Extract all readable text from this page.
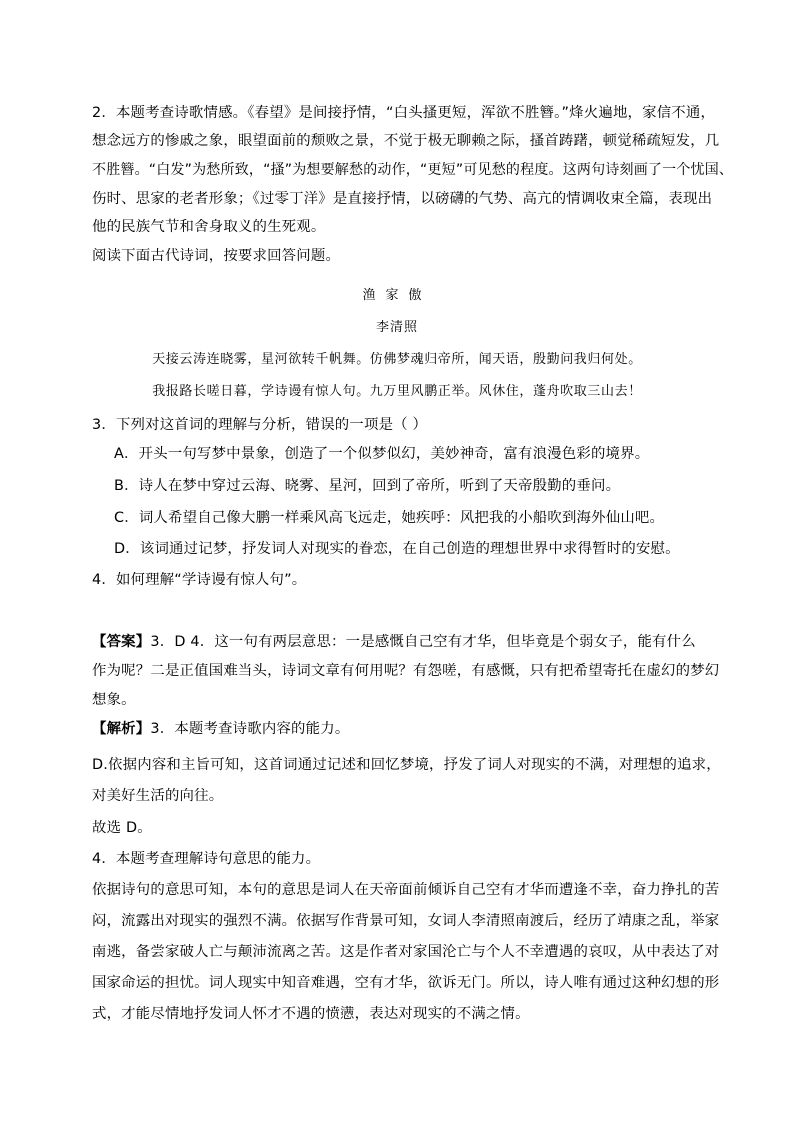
2．本题考查诗歌情感。《春望》是间接抒情，“白头搔更短，浑欲不胜簪。”烽火遍地，家信不通，
想念远方的惨戚之象，眼望面前的颓败之景，不觉于极无聊赖之际，搔首踌躇，顿觉稀疏短发，几
不胜簪。“白发”为愁所致，“搔”为想要解愁的动作，“更短”可见愁的程度。这两句诗刻画了一个忧国、
伤时、思家的老者形象；《过零丁洋》是直接抒情，以磅礴的气势、高亢的情调收束全篇，表现出
他的民族气节和舍身取义的生死观。
阅读下面古代诗词，按要求回答问题。
渔家傲
李清照
天接云涛连晓雾，星河欲转千帆舞。仿佛梦魂归帝所，闻天语，殷勤问我归何处。
我报路长嗟日暮，学诗谩有惊人句。九万里风鹏正举。风休住，蓬舟吹取三山去！
3．下列对这首词的理解与分析，错误的一项是（ ）
A．开头一句写梦中景象，创造了一个似梦似幻，美妙神奇，富有浪漫色彩的境界。
B．诗人在梦中穿过云海、晓雾、星河，回到了帝所，听到了天帝殷勤的垂问。
C．词人希望自己像大鹏一样乘风高飞远走，她疾呼：风把我的小船吹到海外仙山吧。
D．该词通过记梦，抒发词人对现实的眷恋，在自己创造的理想世界中求得暂时的安慰。
4．如何理解“学诗谩有惊人句”。
【答案】3．D 4．这一句有两层意思：一是感慨自己空有才华，但毕竟是个弱女子，能有什么
作为呢？二是正值国难当头，诗词文章有何用呢？有怨嗟，有感慨，只有把希望寄托在虚幻的梦幻
想象。
【解析】3．本题考查诗歌内容的能力。
D.依据内容和主旨可知，这首词通过记述和回忆梦境，抒发了词人对现实的不满，对理想的追求，
对美好生活的向往。
故选 D。
4．本题考查理解诗句意思的能力。
依据诗句的意思可知，本句的意思是词人在天帝面前倾诉自己空有才华而遭逢不幸，奋力挣扎的苦
闷，流露出对现实的强烈不满。依据写作背景可知，女词人李清照南渡后，经历了靖康之乱，举家
南逃，备尝家破人亡与颠沛流离之苦。这是作者对家国沦亡与个人不幸遭遇的哀叹，从中表达了对
国家命运的担忧。词人现实中知音难遇，空有才华，欲诉无门。所以，诗人唯有通过这种幻想的形
式，才能尽情地抒发词人怀才不遇的愤懑，表达对现实的不满之情。
